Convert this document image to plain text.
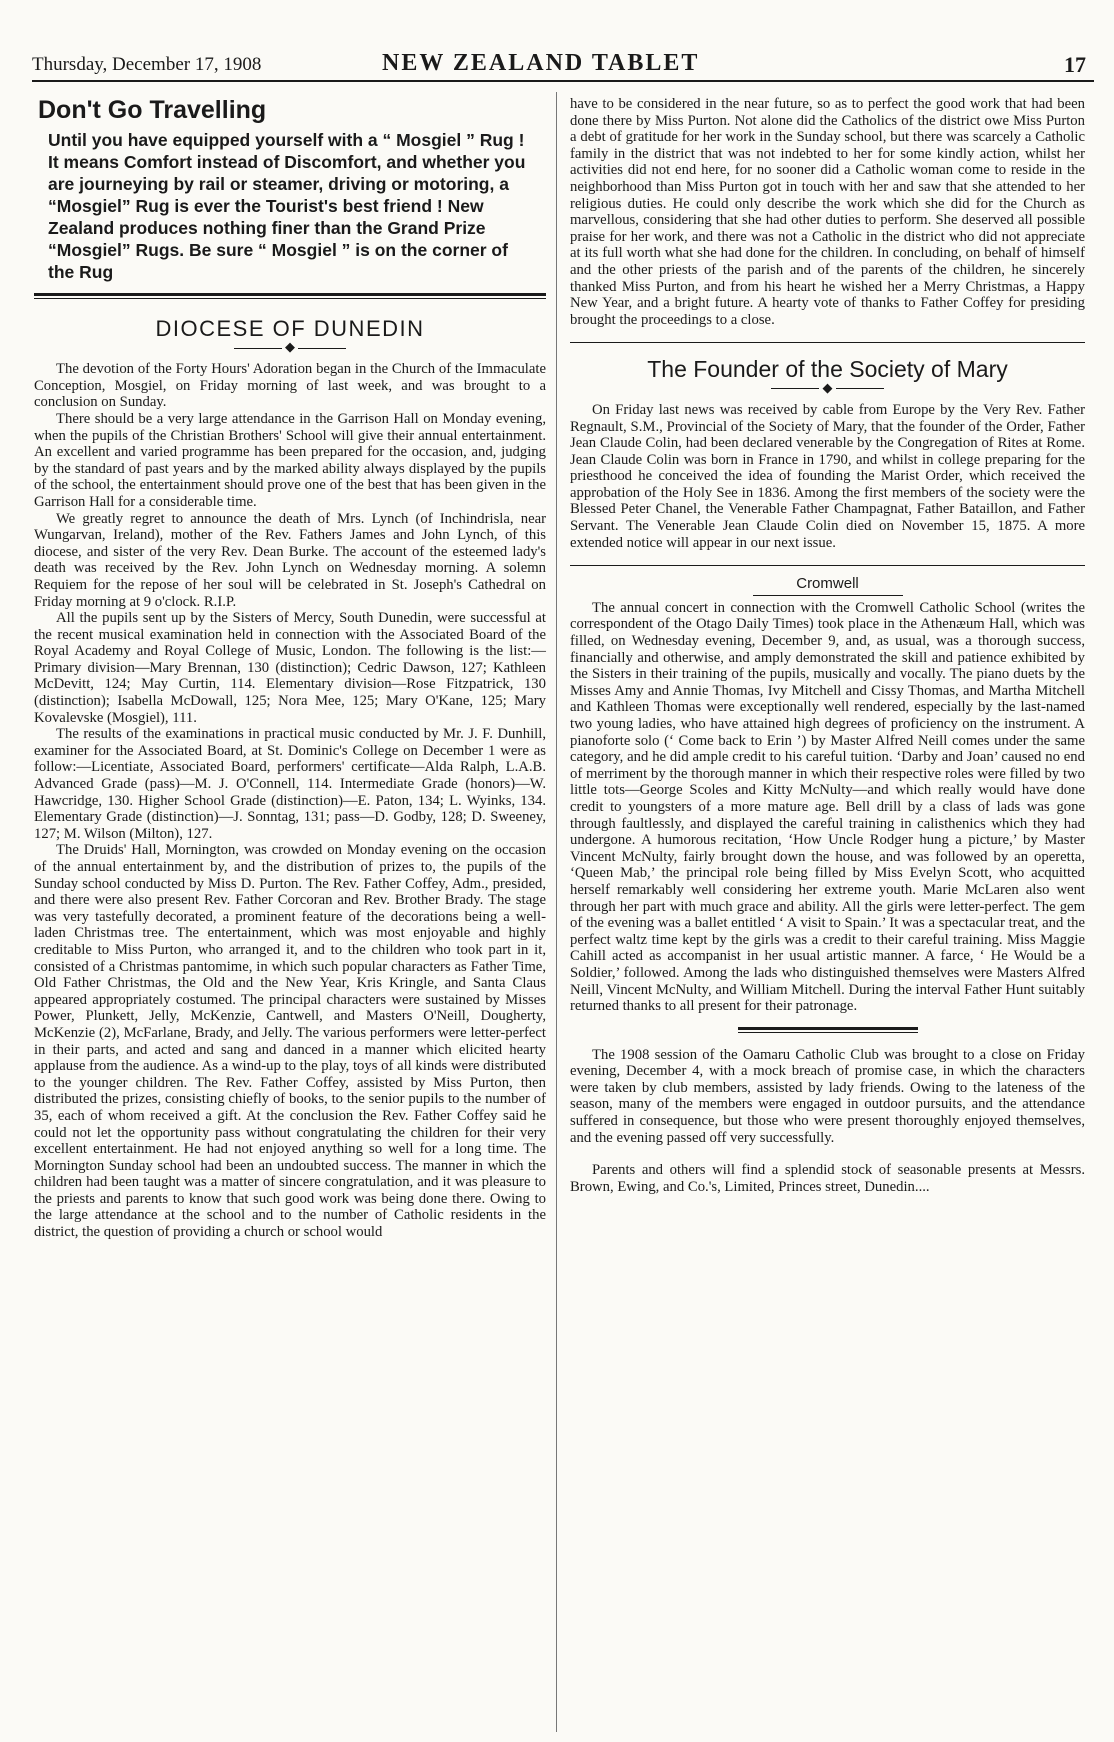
Thursday, December 17, 1908	NEW ZEALAND TABLET	17
Don't Go Travelling
Until you have equipped yourself with a “ Mosgiel ” Rug ! It means Comfort instead of Discomfort, and whether you are journeying by rail or steamer, driving or motoring, a “Mosgiel” Rug is ever the Tourist's best friend ! New Zealand produces nothing finer than the Grand Prize “Mosgiel” Rugs. Be sure “ Mosgiel ” is on the corner of the Rug
DIOCESE OF DUNEDIN
◆

The devotion of the Forty Hours' Adoration began in the Church of the Immaculate Conception, Mosgiel, on Friday morning of last week, and was brought to a conclusion on Sunday.

There should be a very large attendance in the Garrison Hall on Monday evening, when the pupils of the Christian Brothers' School will give their annual entertainment. An excellent and varied programme has been prepared for the occasion, and, judging by the standard of past years and by the marked ability always displayed by the pupils of the school, the entertainment should prove one of the best that has been given in the Garrison Hall for a considerable time.

We greatly regret to announce the death of Mrs. Lynch (of Inchindrisla, near Wungarvan, Ireland), mother of the Rev. Fathers James and John Lynch, of this diocese, and sister of the very Rev. Dean Burke. The account of the esteemed lady's death was received by the Rev. John Lynch on Wednesday morning. A solemn Requiem for the repose of her soul will be celebrated in St. Joseph's Cathedral on Friday morning at 9 o'clock. R.I.P.

All the pupils sent up by the Sisters of Mercy, South Dunedin, were successful at the recent musical examination held in connection with the Associated Board of the Royal Academy and Royal College of Music, London. The following is the list:—Primary division—Mary Brennan, 130 (distinction); Cedric Dawson, 127; Kathleen McDevitt, 124; May Curtin, 114. Elementary division—Rose Fitzpatrick, 130 (distinction); Isabella McDowall, 125; Nora Mee, 125; Mary O'Kane, 125; Mary Kovalevske (Mosgiel), 111.

The results of the examinations in practical music conducted by Mr. J. F. Dunhill, examiner for the Associated Board, at St. Dominic's College on December 1 were as follow:—Licentiate, Associated Board, performers' certificate—Alda Ralph, L.A.B. Advanced Grade (pass)—M. J. O'Connell, 114. Intermediate Grade (honors)—W. Hawcridge, 130. Higher School Grade (distinction)—E. Paton, 134; L. Wyinks, 134. Elementary Grade (distinction)—J. Sonntag, 131; pass—D. Godby, 128; D. Sweeney, 127; M. Wilson (Milton), 127.

The Druids' Hall, Mornington, was crowded on Monday evening on the occasion of the annual entertainment by, and the distribution of prizes to, the pupils of the Sunday school conducted by Miss D. Purton. The Rev. Father Coffey, Adm., presided, and there were also present Rev. Father Corcoran and Rev. Brother Brady. The stage was very tastefully decorated, a prominent feature of the decorations being a well-laden Christmas tree. The entertainment, which was most enjoyable and highly creditable to Miss Purton, who arranged it, and to the children who took part in it, consisted of a Christmas pantomime, in which such popular characters as Father Time, Old Father Christmas, the Old and the New Year, Kris Kringle, and Santa Claus appeared appropriately costumed. The principal characters were sustained by Misses Power, Plunkett, Jelly, McKenzie, Cantwell, and Masters O'Neill, Dougherty, McKenzie (2), McFarlane, Brady, and Jelly. The various performers were letter-perfect in their parts, and acted and sang and danced in a manner which elicited hearty applause from the audience. As a wind-up to the play, toys of all kinds were distributed to the younger children. The Rev. Father Coffey, assisted by Miss Purton, then distributed the prizes, consisting chiefly of books, to the senior pupils to the number of 35, each of whom received a gift. At the conclusion the Rev. Father Coffey said he could not let the opportunity pass without congratulating the children for their very excellent entertainment. He had not enjoyed anything so well for a long time. The Mornington Sunday school had been an undoubted success. The manner in which the children had been taught was a matter of sincere congratulation, and it was pleasure to the priests and parents to know that such good work was being done there. Owing to the large attendance at the school and to the number of Catholic residents in the district, the question of providing a church or school would

have to be considered in the near future, so as to perfect the good work that had been done there by Miss Purton. Not alone did the Catholics of the district owe Miss Purton a debt of gratitude for her work in the Sunday school, but there was scarcely a Catholic family in the district that was not indebted to her for some kindly action, whilst her activities did not end here, for no sooner did a Catholic woman come to reside in the neighborhood than Miss Purton got in touch with her and saw that she attended to her religious duties. He could only describe the work which she did for the Church as marvellous, considering that she had other duties to perform. She deserved all possible praise for her work, and there was not a Catholic in the district who did not appreciate at its full worth what she had done for the children. In concluding, on behalf of himself and the other priests of the parish and of the parents of the children, he sincerely thanked Miss Purton, and from his heart he wished her a Merry Christmas, a Happy New Year, and a bright future. A hearty vote of thanks to Father Coffey for presiding brought the proceedings to a close.

The Founder of the Society of Mary
◆

On Friday last news was received by cable from Europe by the Very Rev. Father Regnault, S.M., Provincial of the Society of Mary, that the founder of the Order, Father Jean Claude Colin, had been declared venerable by the Congregation of Rites at Rome. Jean Claude Colin was born in France in 1790, and whilst in college preparing for the priesthood he conceived the idea of founding the Marist Order, which received the approbation of the Holy See in 1836. Among the first members of the society were the Blessed Peter Chanel, the Venerable Father Champagnat, Father Bataillon, and Father Servant. The Venerable Jean Claude Colin died on November 15, 1875. A more extended notice will appear in our next issue.

Cromwell

The annual concert in connection with the Cromwell Catholic School (writes the correspondent of the Otago Daily Times) took place in the Athenæum Hall, which was filled, on Wednesday evening, December 9, and, as usual, was a thorough success, financially and otherwise, and amply demonstrated the skill and patience exhibited by the Sisters in their training of the pupils, musically and vocally. The piano duets by the Misses Amy and Annie Thomas, Ivy Mitchell and Cissy Thomas, and Martha Mitchell and Kathleen Thomas were exceptionally well rendered, especially by the last-named two young ladies, who have attained high degrees of proficiency on the instrument. A pianoforte solo (‘ Come back to Erin ’) by Master Alfred Neill comes under the same category, and he did ample credit to his careful tuition. ‘Darby and Joan’ caused no end of merriment by the thorough manner in which their respective roles were filled by two little tots—George Scoles and Kitty McNulty—and which really would have done credit to youngsters of a more mature age. Bell drill by a class of lads was gone through faultlessly, and displayed the careful training in calisthenics which they had undergone. A humorous recitation, ‘How Uncle Rodger hung a picture,’ by Master Vincent McNulty, fairly brought down the house, and was followed by an operetta, ‘Queen Mab,’ the principal role being filled by Miss Evelyn Scott, who acquitted herself remarkably well considering her extreme youth. Marie McLaren also went through her part with much grace and ability. All the girls were letter-perfect. The gem of the evening was a ballet entitled ‘ A visit to Spain.’ It was a spectacular treat, and the perfect waltz time kept by the girls was a credit to their careful training. Miss Maggie Cahill acted as accompanist in her usual artistic manner. A farce, ‘ He Would be a Soldier,’ followed. Among the lads who distinguished themselves were Masters Alfred Neill, Vincent McNulty, and William Mitchell. During the interval Father Hunt suitably returned thanks to all present for their patronage.

The 1908 session of the Oamaru Catholic Club was brought to a close on Friday evening, December 4, with a mock breach of promise case, in which the characters were taken by club members, assisted by lady friends. Owing to the lateness of the season, many of the members were engaged in outdoor pursuits, and the attendance suffered in consequence, but those who were present thoroughly enjoyed themselves, and the evening passed off very successfully.

Parents and others will find a splendid stock of seasonable presents at Messrs. Brown, Ewing, and Co.'s, Limited, Princes street, Dunedin....
